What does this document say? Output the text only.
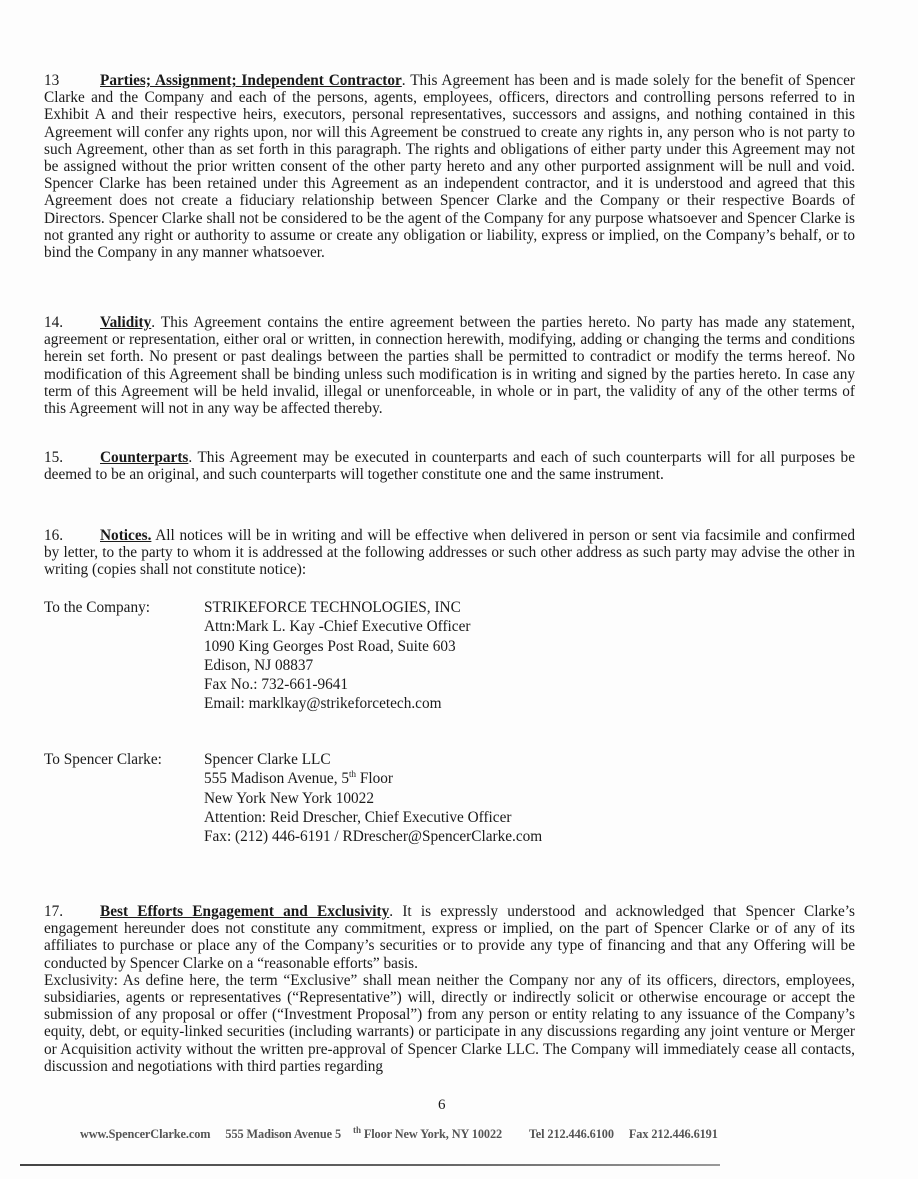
13	Parties; Assignment; Independent Contractor. This Agreement has been and is made solely for the benefit of Spencer Clarke and the Company and each of the persons, agents, employees, officers, directors and controlling persons referred to in Exhibit A and their respective heirs, executors, personal representatives, successors and assigns, and nothing contained in this Agreement will confer any rights upon, nor will this Agreement be construed to create any rights in, any person who is not party to such Agreement, other than as set forth in this paragraph. The rights and obligations of either party under this Agreement may not be assigned without the prior written consent of the other party hereto and any other purported assignment will be null and void. Spencer Clarke has been retained under this Agreement as an independent contractor, and it is understood and agreed that this Agreement does not create a fiduciary relationship between Spencer Clarke and the Company or their respective Boards of Directors. Spencer Clarke shall not be considered to be the agent of the Company for any purpose whatsoever and Spencer Clarke is not granted any right or authority to assume or create any obligation or liability, express or implied, on the Company’s behalf, or to bind the Company in any manner whatsoever.

14. Validity. This Agreement contains the entire agreement between the parties hereto. No party has made any statement, agreement or representation, either oral or written, in connection herewith, modifying, adding or changing the terms and conditions herein set forth. No present or past dealings between the parties shall be permitted to contradict or modify the terms hereof. No modification of this Agreement shall be binding unless such modification is in writing and signed by the parties hereto. In case any term of this Agreement will be held invalid, illegal or unenforceable, in whole or in part, the validity of any of the other terms of this Agreement will not in any way be affected thereby.

15. Counterparts. This Agreement may be executed in counterparts and each of such counterparts will for all purposes be deemed to be an original, and such counterparts will together constitute one and the same instrument.

16. Notices. All notices will be in writing and will be effective when delivered in person or sent via facsimile and confirmed by letter, to the party to whom it is addressed at the following addresses or such other address as such party may advise the other in writing (copies shall not constitute notice):

To the Company:	STRIKEFORCE TECHNOLOGIES, INC
Attn:Mark L. Kay -Chief Executive Officer
1090 King Georges Post Road, Suite 603
Edison, NJ 08837
Fax No.: 732-661-9641
Email: marklkay@strikeforcetech.com
To Spencer Clarke:	Spencer Clarke LLC
555 Madison Avenue, 5th Floor
New York New York 10022
Attention: Reid Drescher, Chief Executive Officer
Fax: (212) 446-6191 / RDrescher@SpencerClarke.com

17. Best Efforts Engagement and Exclusivity. It is expressly understood and acknowledged that Spencer Clarke’s engagement hereunder does not constitute any commitment, express or implied, on the part of Spencer Clarke or of any of its affiliates to purchase or place any of the Company’s securities or to provide any type of financing and that any Offering will be conducted by Spencer Clarke on a “reasonable efforts” basis.
Exclusivity: As define here, the term “Exclusive” shall mean neither the Company nor any of its officers, directors, employees, subsidiaries, agents or representatives (“Representative”) will, directly or indirectly solicit or otherwise encourage or accept the submission of any proposal or offer (“Investment Proposal”) from any person or entity relating to any issuance of the Company’s equity, debt, or equity-linked securities (including warrants) or participate in any discussions regarding any joint venture or Merger or Acquisition activity without the written pre-approval of Spencer Clarke LLC. The Company will immediately cease all contacts, discussion and negotiations with third parties regarding

6
www.SpencerClarke.com 555 Madison Avenue 5 $^{th}$ Floor New York, NY 10022 Tel 212.446.6100 Fax 212.446.6191
